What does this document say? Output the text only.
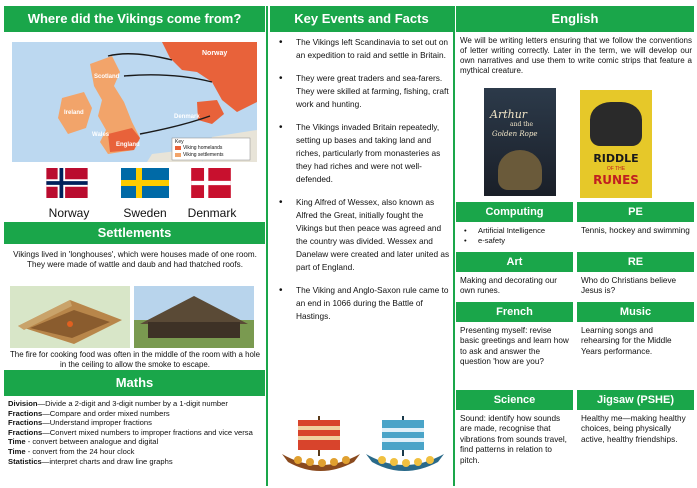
Where did the Vikings come from?
Norway
Scotland
Ireland
Wales
England
Denmark
Key
Viking homelands
Viking settlements
Norway	Sweden	Denmark
Settlements

Vikings lived in 'longhouses', which were houses made of one room. They were made of wattle and daub and had thatched roofs.

The fire for cooking food was often in the middle of the room with a hole in the ceiling to allow the smoke to escape.

Maths
Division—Divide a 2-digit and 3-digit number by a 1-digit number
Fractions—Compare and order mixed numbers
Fractions—Understand improper fractions
Fractions—Convert mixed numbers to improper fractions and vice versa
Time - convert between analogue and digital
Time - convert from the 24 hour clock
Statistics—interpret charts and draw line graphs
Key Events and Facts
• The Vikings left Scandinavia to set out on an expedition to raid and settle in Britain.
• They were great traders and sea-farers. They were skilled at farming, fishing, craft work and hunting.
• The Vikings invaded Britain repeatedly, setting up bases and taking land and riches, particularly from monasteries as they had riches and were not well-defended.
• King Alfred of Wessex, also known as Alfred the Great, initially fought the Vikings but then peace was agreed and the country was divided. Wessex and Danelaw were created and later united as part of England.
• The Viking and Anglo-Saxon rule came to an end in 1066 during the Battle of Hastings.
English

We will be writing letters ensuring that we follow the conventions of letter writing correctly. Later in the term, we will develop our own narratives and use them to write comic strips that feature a mythical creature.

Arthur
and the
Golden Rope
RIDDLE
OF THE
RUNES
Computing
• Artificial Intelligence
• e-safety
PE
Tennis, hockey and swimming
Art
Making and decorating our own runes.
RE
Who do Christians believe Jesus is?
French
Presenting myself: revise basic greetings and learn how to ask and answer the question 'how are you?
Music
Learning songs and rehearsing for the Middle Years performance.
Science
Sound: identify how sounds are made, recognise that vibrations from sounds travel, find patterns in relation to pitch.
Jigsaw (PSHE)
Healthy me—making healthy choices, being physically active, healthy friendships.
